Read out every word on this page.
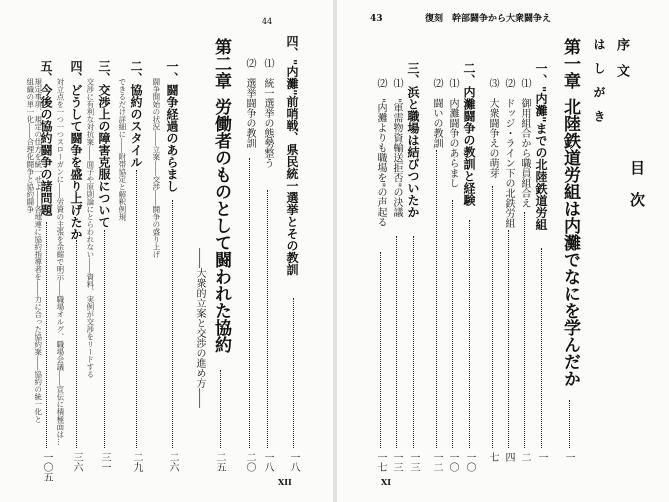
44
四、"内灘"前哨戦、県民統一選挙とその教訓
一八
⑴　統一選挙の態勢整う
一八
⑵　選挙闘争の教訓
二〇
第二章
労働者のものとして闘われた協約
二五
――大衆的立案と交渉の進め方――
一、闘争経過のあらまし
二六
闘争開始の状況――立案――交渉――闘争の盛り上げ
二、協約のスタイル
二九
できるだけ詳細に――附帯協定と解釈例規
三、交渉上の障害克服について
三一
交渉に有利な対抗案――面子や原則論にとらわれない――資料、実例が交渉をリードする
四、どうして闘争を盛り上げたか
三六
対立点を一つ一つスローガンに――労資の主張を余縮で明示――職場オルグ、職場会議――宣伝に積極面は…
五、今後の協約闘争の諸問題
一〇五
規定事項、規定の仕方を統一せよ――各地連に協約指導者を――力に合った協約案――協約の統一化と組織の単一化――合理化闘争と協約闘争
XII
43	復刻　幹部闘争から大衆闘争え
目　次
序　文
は　し　が　き
第一章
北陸鉄道労組は内灘でなにを学んだか
一
一、"内灘"までの北陸鉄道労組
一
⑴　御用組合から職員組合え
二
⑵　ドッジ・ライン下の北鉄労組
四
⑶　大衆闘争えの萌芽
七
二、内灘闘争の教訓と経験
一〇
⑴　内灘闘争のあらまし
一〇
⑵　闘いの教訓
一二
三、浜と職場は結びついたか
一三
⑴　"軍需物資輸送拒否"の決議
一三
⑵　"内灘よりも職場を"の声起る
一七
XI
